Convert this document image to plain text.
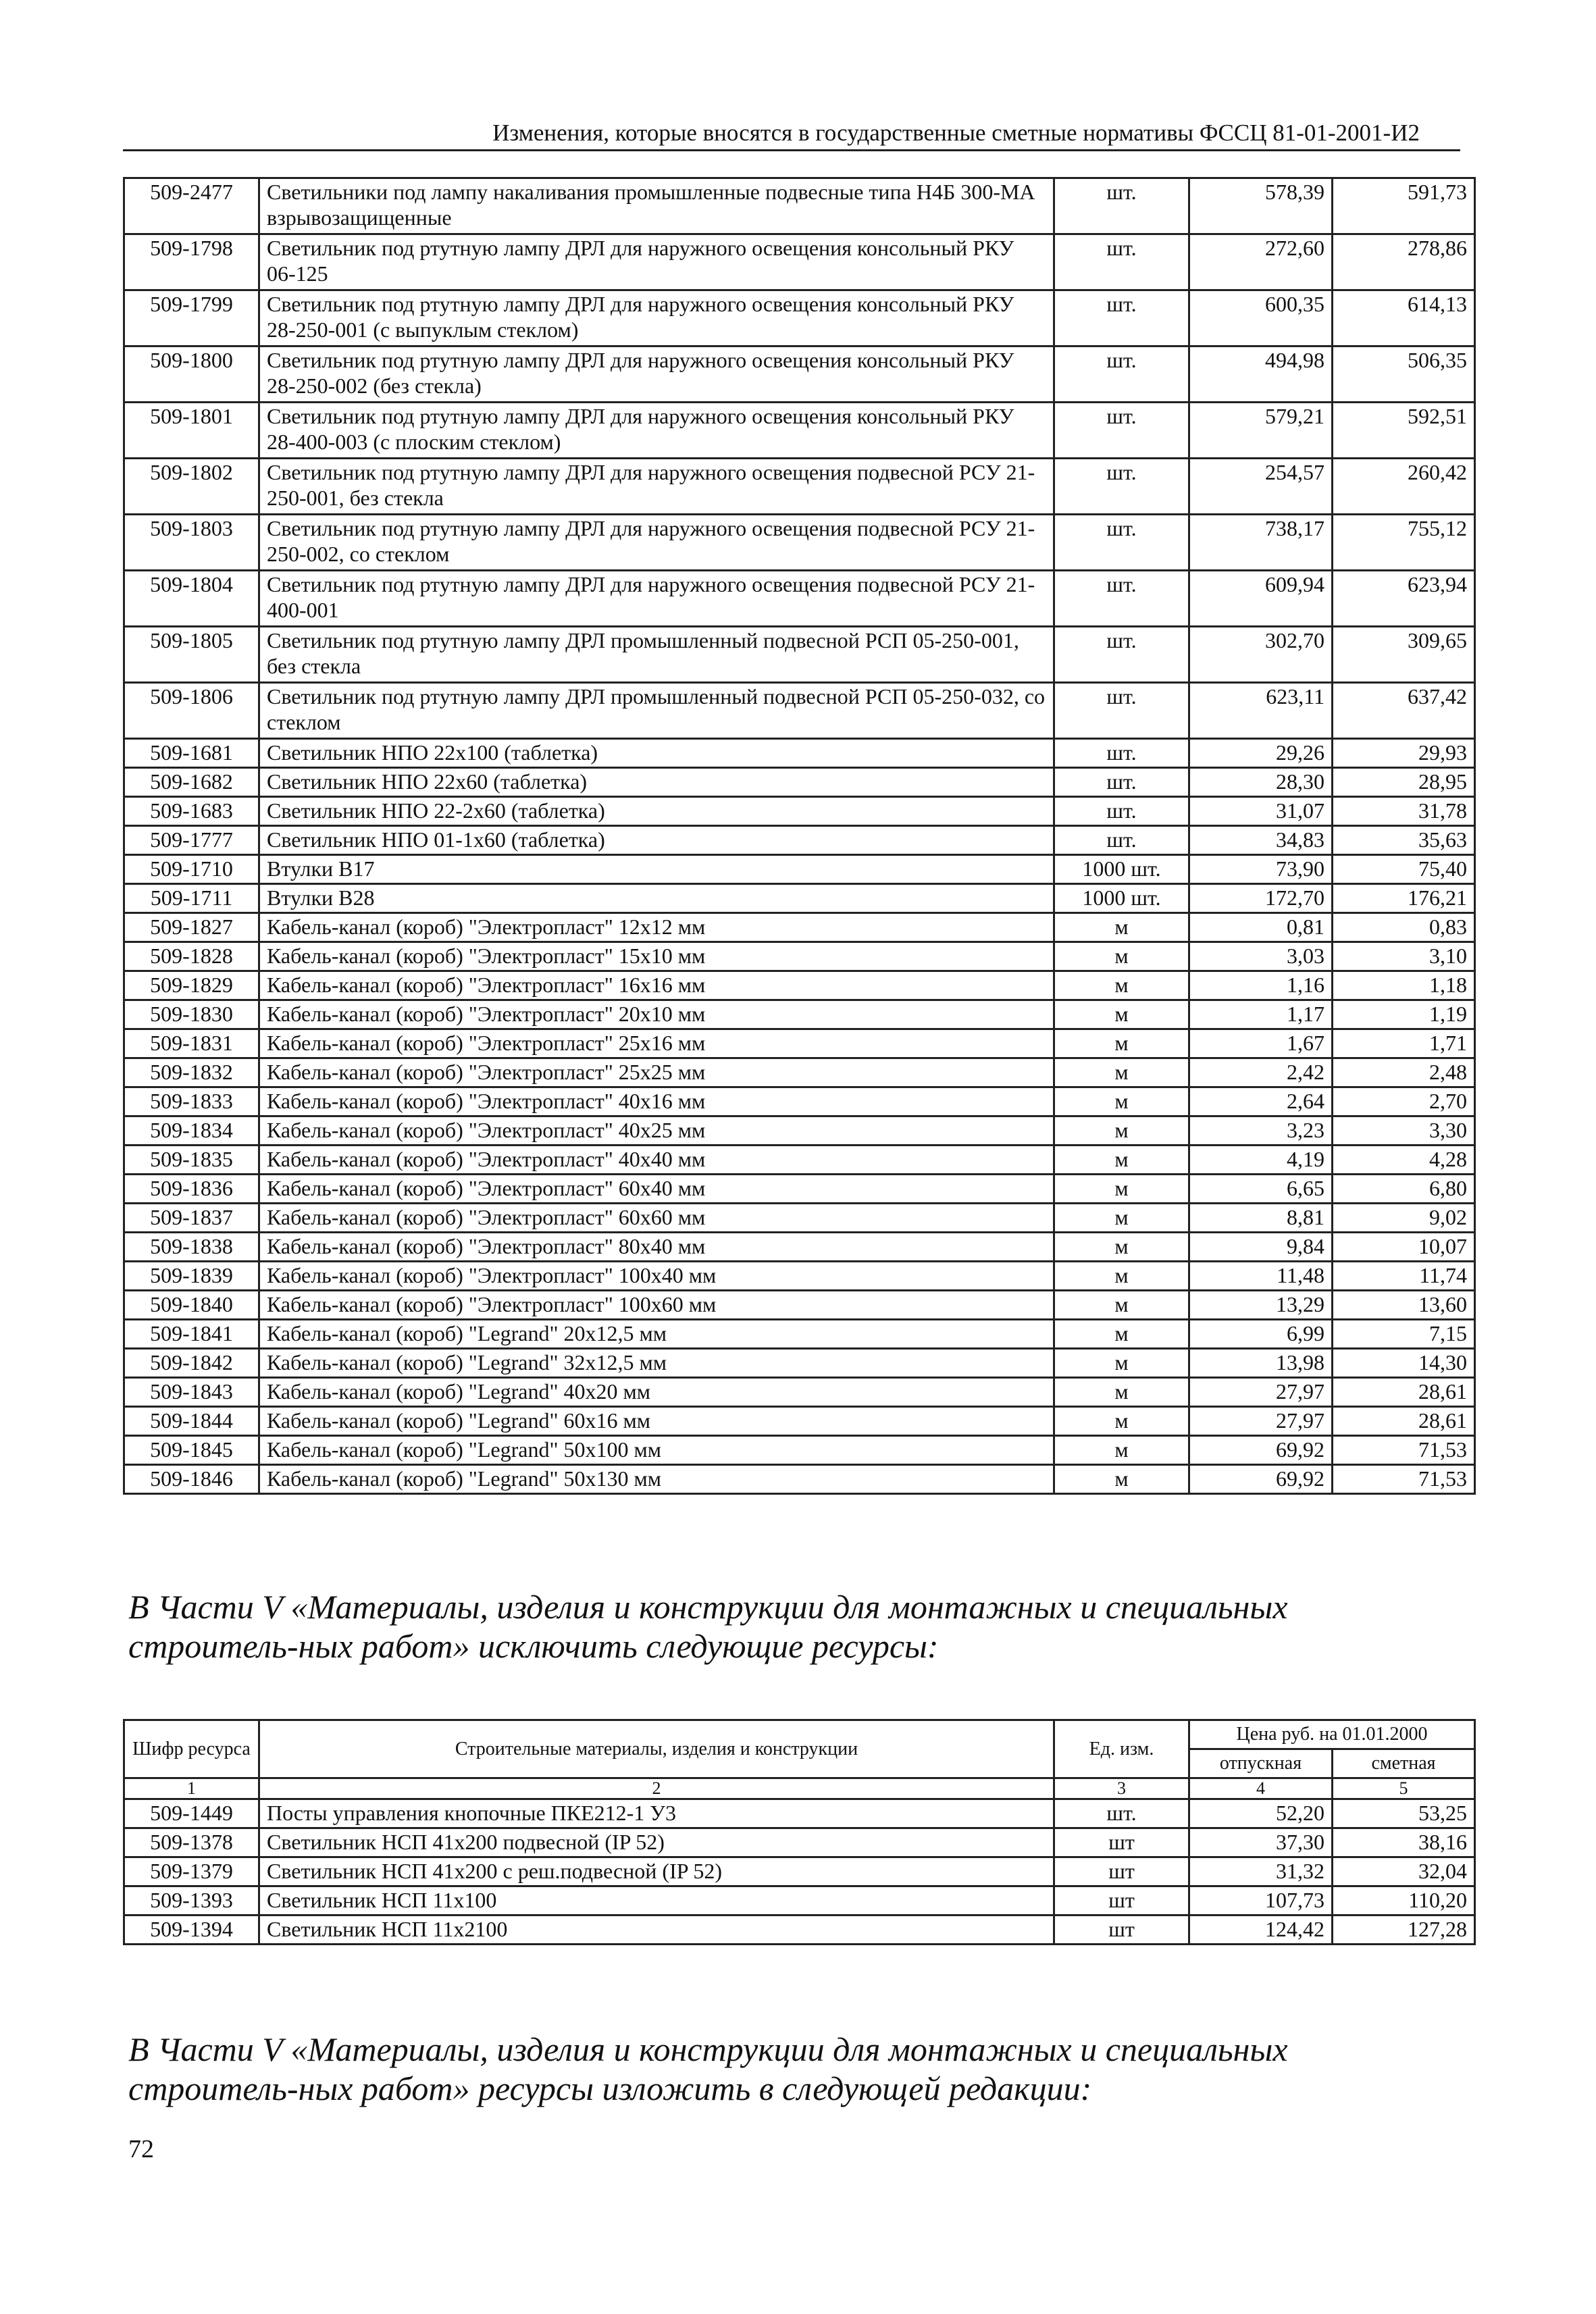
Изменения, которые вносятся в государственные сметные нормативы ФССЦ 81-01-2001-И2
509-2477	Светильники под лампу накаливания промышленные подвесные типа Н4Б 300-МА взрывозащищенные	шт.	578,39	591,73
509-1798	Светильник под ртутную лампу ДРЛ для наружного освещения консольный РКУ 06-125	шт.	272,60	278,86
509-1799	Светильник под ртутную лампу ДРЛ для наружного освещения консольный РКУ 28-250-001 (с выпуклым стеклом)	шт.	600,35	614,13
509-1800	Светильник под ртутную лампу ДРЛ для наружного освещения консольный РКУ 28-250-002 (без стекла)	шт.	494,98	506,35
509-1801	Светильник под ртутную лампу ДРЛ для наружного освещения консольный РКУ 28-400-003 (с плоским стеклом)	шт.	579,21	592,51
509-1802	Светильник под ртутную лампу ДРЛ для наружного освещения подвесной РСУ 21-250-001, без стекла	шт.	254,57	260,42
509-1803	Светильник под ртутную лампу ДРЛ для наружного освещения подвесной РСУ 21-250-002, со стеклом	шт.	738,17	755,12
509-1804	Светильник под ртутную лампу ДРЛ для наружного освещения подвесной РСУ 21-400-001	шт.	609,94	623,94
509-1805	Светильник под ртутную лампу ДРЛ промышленный подвесной РСП 05-250-001, без стекла	шт.	302,70	309,65
509-1806	Светильник под ртутную лампу ДРЛ промышленный подвесной РСП 05-250-032, со стеклом	шт.	623,11	637,42
509-1681	Светильник НПО 22х100 (таблетка)	шт.	29,26	29,93
509-1682	Светильник НПО 22х60 (таблетка)	шт.	28,30	28,95
509-1683	Светильник НПО 22-2х60 (таблетка)	шт.	31,07	31,78
509-1777	Светильник НПО 01-1х60 (таблетка)	шт.	34,83	35,63
509-1710	Втулки В17	1000 шт.	73,90	75,40
509-1711	Втулки В28	1000 шт.	172,70	176,21
509-1827	Кабель-канал (короб) "Электропласт" 12х12 мм	м	0,81	0,83
509-1828	Кабель-канал (короб) "Электропласт" 15х10 мм	м	3,03	3,10
509-1829	Кабель-канал (короб) "Электропласт" 16х16 мм	м	1,16	1,18
509-1830	Кабель-канал (короб) "Электропласт" 20х10 мм	м	1,17	1,19
509-1831	Кабель-канал (короб) "Электропласт" 25х16 мм	м	1,67	1,71
509-1832	Кабель-канал (короб) "Электропласт" 25х25 мм	м	2,42	2,48
509-1833	Кабель-канал (короб) "Электропласт" 40х16 мм	м	2,64	2,70
509-1834	Кабель-канал (короб) "Электропласт" 40х25 мм	м	3,23	3,30
509-1835	Кабель-канал (короб) "Электропласт" 40х40 мм	м	4,19	4,28
509-1836	Кабель-канал (короб) "Электропласт" 60х40 мм	м	6,65	6,80
509-1837	Кабель-канал (короб) "Электропласт" 60х60 мм	м	8,81	9,02
509-1838	Кабель-канал (короб) "Электропласт" 80х40 мм	м	9,84	10,07
509-1839	Кабель-канал (короб) "Электропласт" 100х40 мм	м	11,48	11,74
509-1840	Кабель-канал (короб) "Электропласт" 100х60 мм	м	13,29	13,60
509-1841	Кабель-канал (короб) "Legrand" 20х12,5 мм	м	6,99	7,15
509-1842	Кабель-канал (короб) "Legrand" 32х12,5 мм	м	13,98	14,30
509-1843	Кабель-канал (короб) "Legrand" 40х20 мм	м	27,97	28,61
509-1844	Кабель-канал (короб) "Legrand" 60х16 мм	м	27,97	28,61
509-1845	Кабель-канал (короб) "Legrand" 50х100 мм	м	69,92	71,53
509-1846	Кабель-канал (короб) "Legrand" 50х130 мм	м	69,92	71,53
В Части V «Материалы, изделия и конструкции для монтажных и специальных строитель-ных работ» исключить следующие ресурсы:
Шифр ресурса	Строительные материалы, изделия и конструкции	Ед. изм.	Цена руб. на 01.01.2000	
			отпускная	сметная
1	2	3	4	5
509-1449	Посты управления кнопочные ПКЕ212-1 У3	шт.	52,20	53,25
509-1378	Светильник НСП 41х200 подвесной (IP 52)	шт	37,30	38,16
509-1379	Светильник НСП 41х200 с реш.подвесной (IP 52)	шт	31,32	32,04
509-1393	Светильник НСП 11х100	шт	107,73	110,20
509-1394	Светильник НСП 11х2100	шт	124,42	127,28
В Части V «Материалы, изделия и конструкции для монтажных и специальных строитель-ных работ» ресурсы изложить в следующей редакции:
72
